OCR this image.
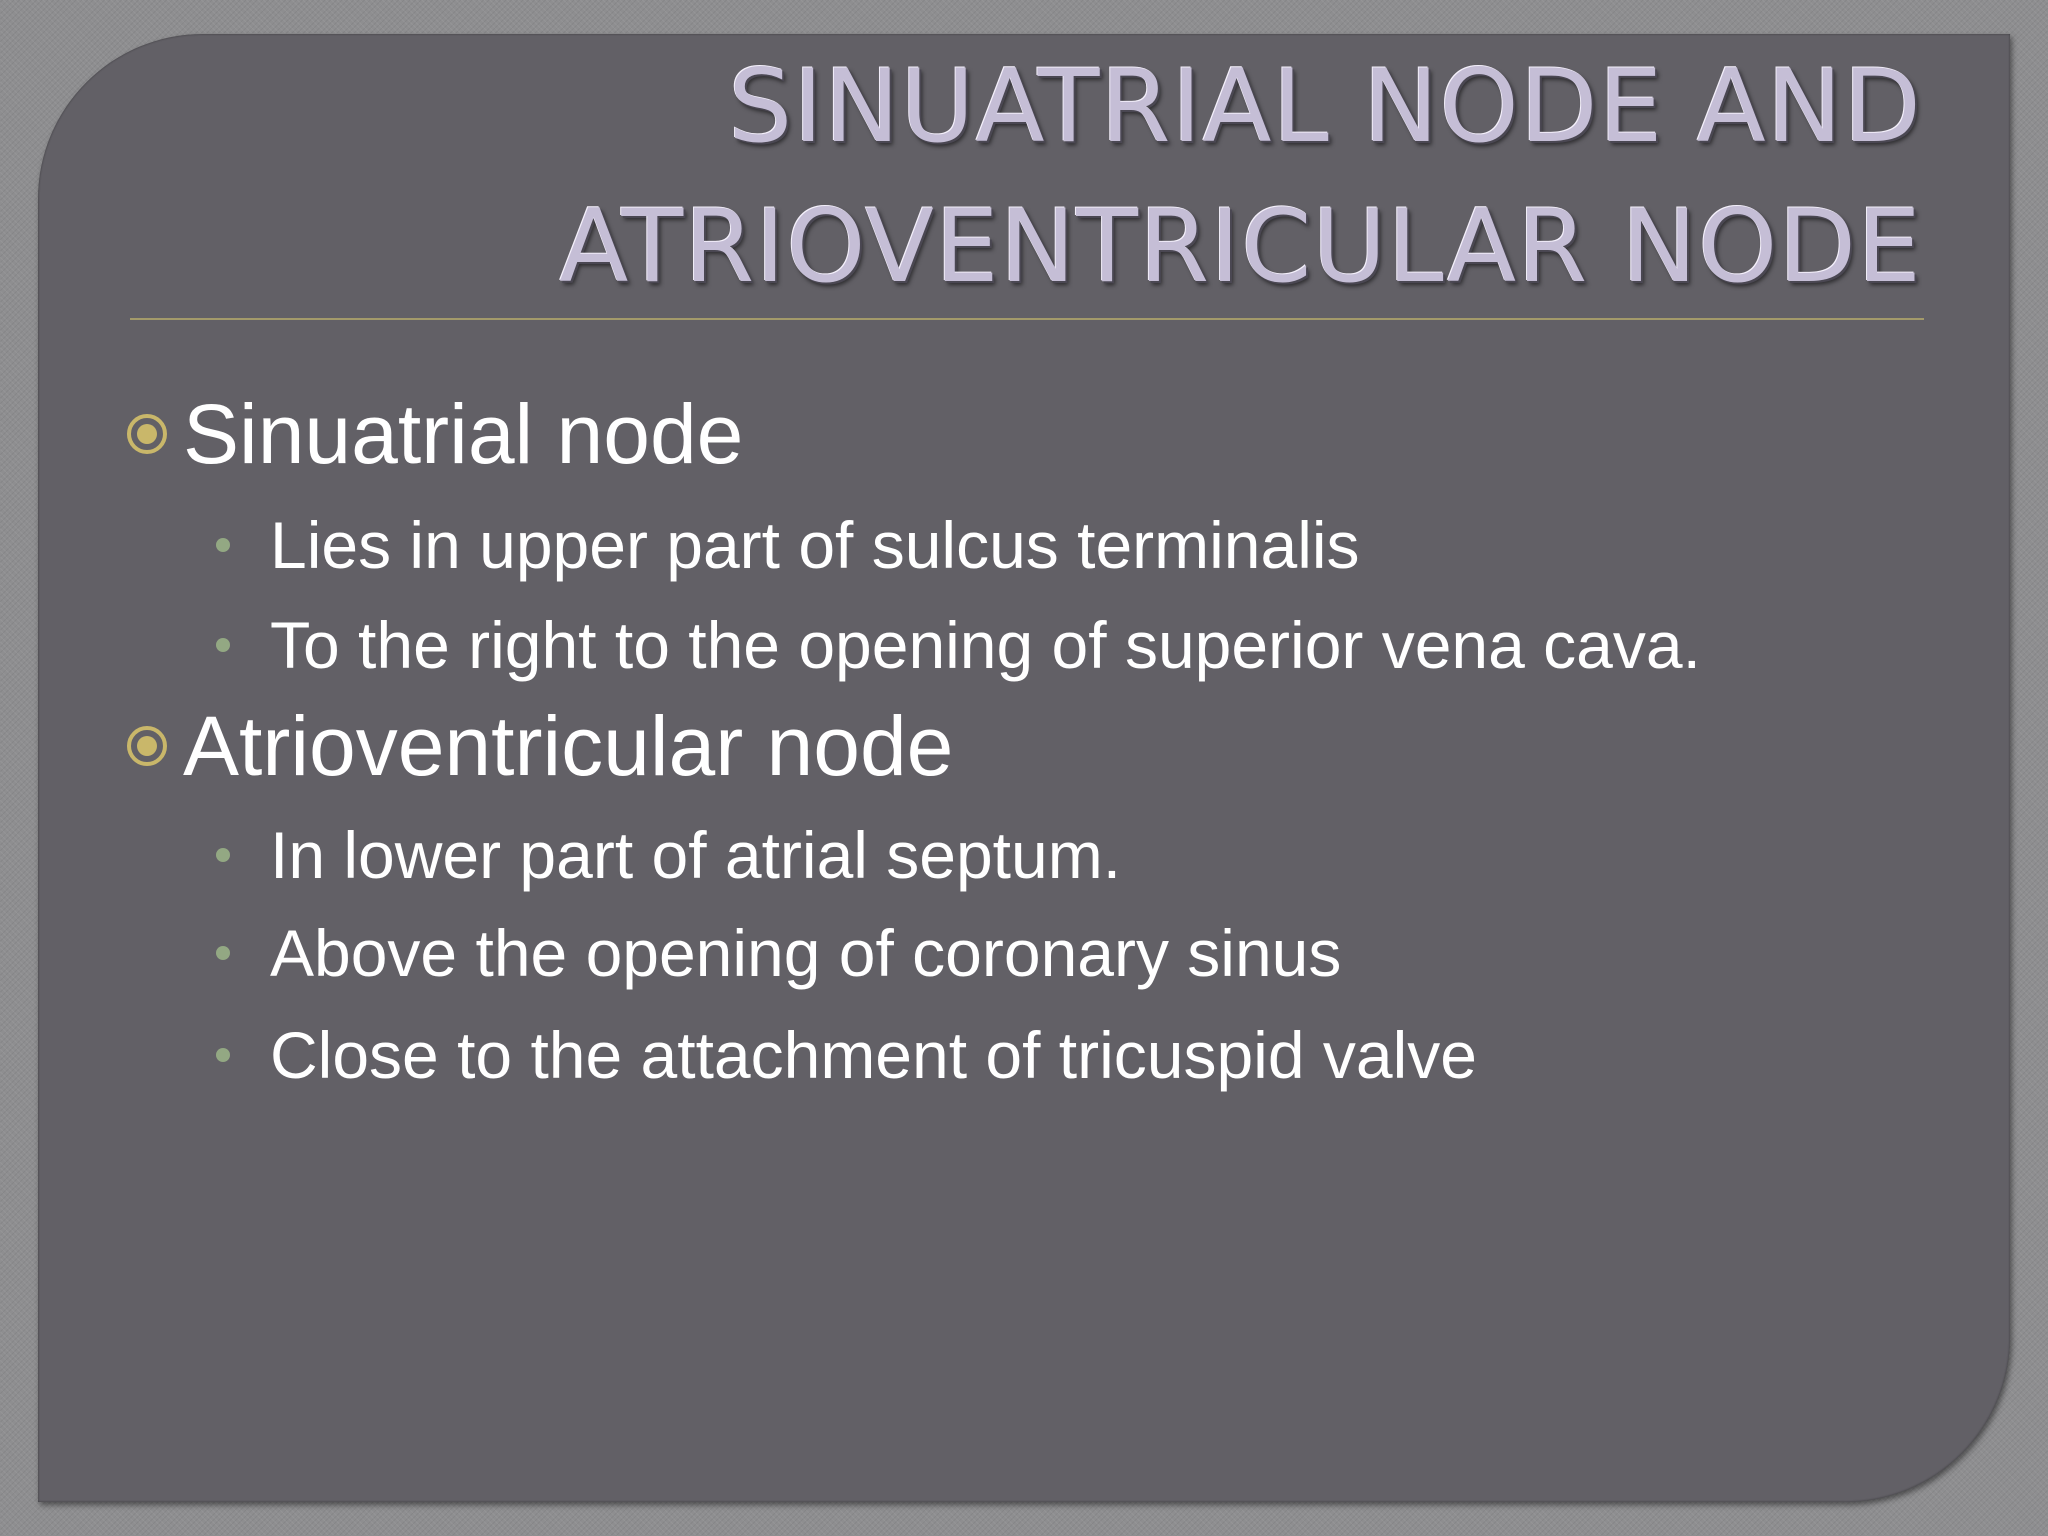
SINUATRIAL NODE AND
ATRIOVENTRICULAR NODE
Sinuatrial node
Lies in upper part of sulcus terminalis
To the right to the opening of superior vena cava.
Atrioventricular node
In lower part of atrial septum.
Above the opening of coronary sinus
Close to the attachment of tricuspid valve
